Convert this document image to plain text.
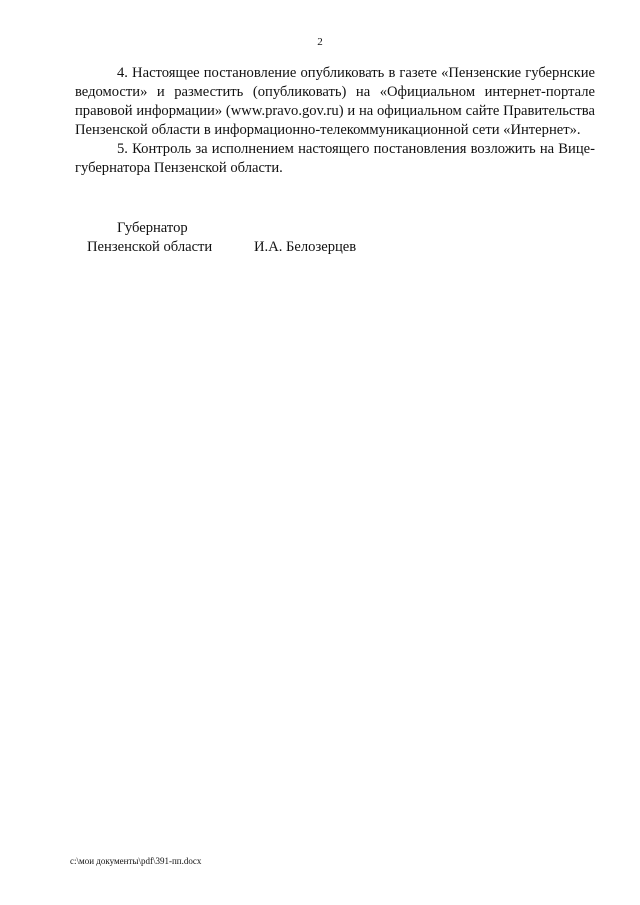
2

4. Настоящее постановление опубликовать в газете «Пензенские губернские ведомости» и разместить (опубликовать) на «Официальном интернет-портале правовой информации» (www.pravo.gov.ru) и на официальном сайте Правительства Пензенской области в информационно-телекоммуникационной сети «Интернет».

5. Контроль за исполнением настоящего постановления возложить на Вице-губернатора Пензенской области.

Губернатор
Пензенской области	И.А. Белозерцев
c:\мои документы\pdf\391-пп.docx
